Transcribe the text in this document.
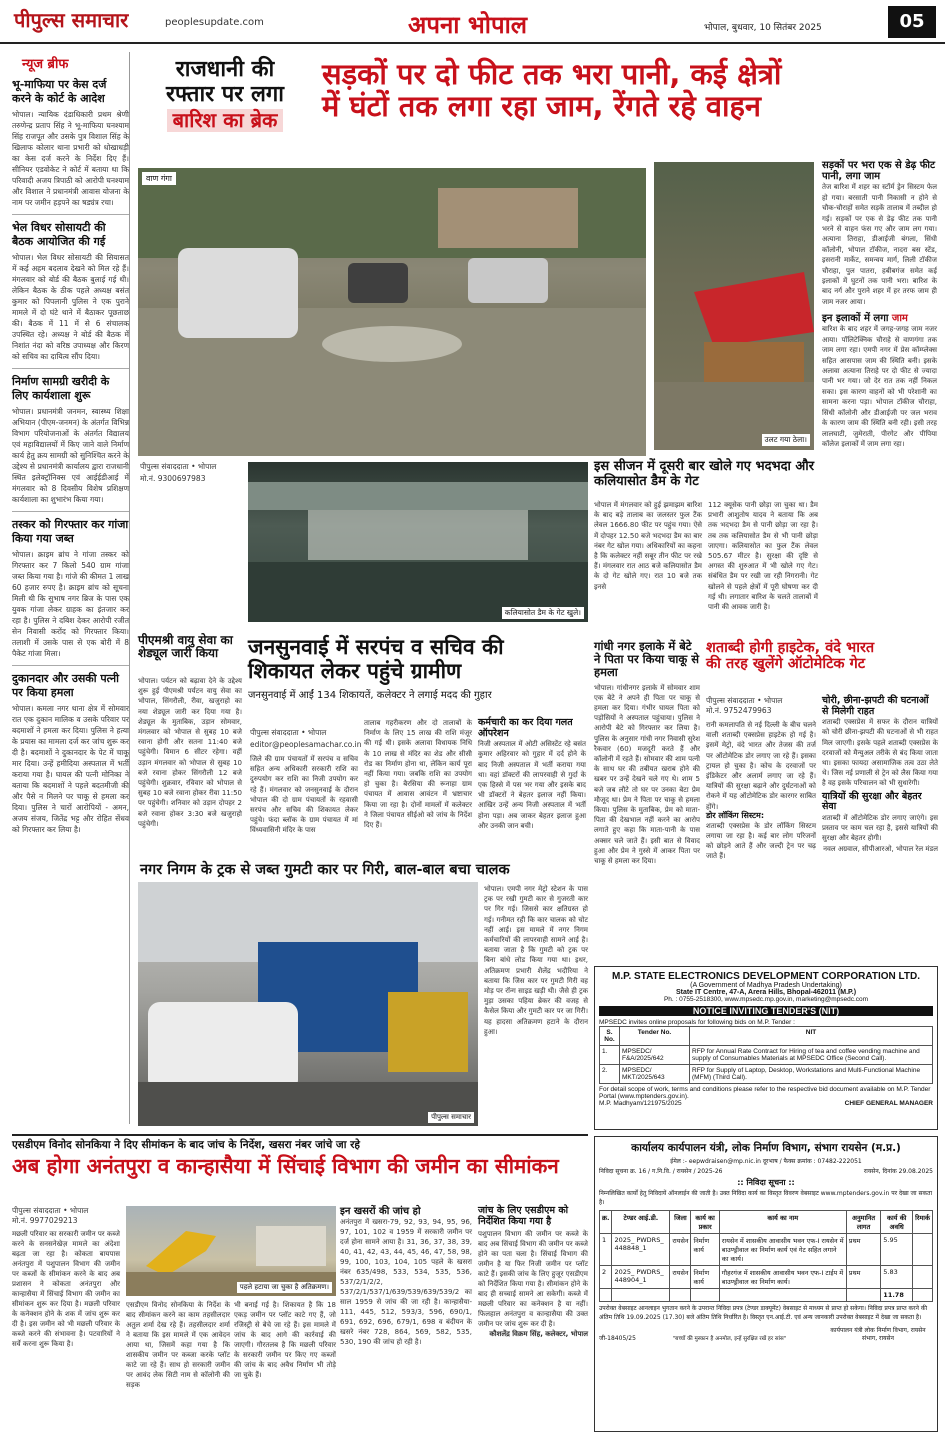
पीपुल्स समाचार	peoplesupdate.com	अपना भोपाल	भोपाल, बुधवार, 10 सितंबर 2025	05
न्यूज ब्रीफ
भू-माफिया पर केस दर्ज करने के कोर्ट के आदेश
भोपाल। न्यायिक दंडाधिकारी प्रथम श्रेणी तरुणेन्द्र प्रताप सिंह ने भू-माफिया घनश्याम सिंह राजपूत और उसके पुत्र विशाल सिंह के खिलाफ कोलार थाना प्रभारी को धोखाधड़ी का केस दर्ज करने के निर्देश दिए हैं। सीनियर एडवोकेट ने कोर्ट में बताया था कि परिवादी अजय त्रिपाठी को आरोपी घनश्याम और विशाल ने प्रधानमंत्री आवास योजना के नाम पर जमीन हड़पने का षड्यंत्र रचा।
भेल विधर सोसायटी की बैठक आयोजित की गई
भोपाल। भेल विधर सोसायटी की सियासत में कई अहम बदलाव देखने को मिल रहे हैं। मंगलवार को बोर्ड की बैठक बुलाई गई थी। लेकिन बैठक के ठीक पहले अध्यक्ष बसंत कुमार को पिपलानी पुलिस ने एक पुराने मामले में दो घंटे थाने में बैठाकर पूछताछ की। बैठक में 11 में से 6 संचालक उपस्थित रहे। अध्यक्ष ने बोर्ड की बैठक में निशांत नंदा को वरिष्ठ उपाध्यक्ष और किरण को सचिव का दायित्व सौंप दिया।
निर्माण सामग्री खरीदी के लिए कार्यशाला शुरू
भोपाल। प्रधानमंत्री जनमन, स्वास्थ्य शिक्षा अभियान (पीएम-जनमन) के अंतर्गत विभिन्न विभाग परियोजनाओं के अंतर्गत विद्यालय एवं महाविद्यालयों में किए जाने वाले निर्माण कार्य हेतु क्रय सामग्री को सुनिश्चित करने के उद्देश्य से प्रधानमंत्री कार्यालय द्वारा राजधानी स्थित इलेक्ट्रॉनिक्स एवं आईईडीआई में मंगलवार को 8 दिवसीय विशेष प्रशिक्षण कार्यशाला का शुभारंभ किया गया।
तस्कर को गिरफ्तार कर गांजा किया गया जब्त
भोपाल। क्राइम ब्रांच ने गांजा तस्कर को गिरफ्तार कर 7 किलो 540 ग्राम गांजा जब्त किया गया है। गांजे की कीमत 1 लाख 60 हजार रुपए है। क्राइम ब्रांच को सूचना मिली थी कि सुभाष नगर ब्रिज के पास एक युवक गांजा लेकर ग्राहक का इंतजार कर रहा है। पुलिस ने दबिश देकर आरोपी रजीत सेन निवासी करोंद को गिरफ्तार किया। तलाशी में उसके पास से एक बोरी में 8 पैकेट गांजा मिला।
दुकानदार और उसकी पत्नी पर किया हमला
भोपाल। कमला नगर थाना क्षेत्र में सोमवार रात एक दुकान मालिक व उसके परिवार पर बदमाशों ने हमला कर दिया। पुलिस ने हत्या के प्रयास का मामला दर्ज कर जांच शुरू कर दी है। बदमाशों ने दुकानदार के पेट में चाकू मार दिया। उन्हें हमीदिया अस्पताल में भर्ती कराया गया है। घायल की पत्नी मोनिका ने बताया कि बदमाशों ने पहले बदतमीजी की और पैसे न मिलने पर चाकू से हमला कर दिया। पुलिस ने चारों आरोपियों - अमन, अजय संजय, जितेंद्र भट्ट और रोहित सेंधव को गिरफ्तार कर लिया है।
राजधानी की
रफ्तार पर लगा
बारिश का ब्रेक
सड़कों पर दो फीट तक भरा पानी, कई क्षेत्रों
में घंटों तक लगा रहा जाम, रेंगते रहे वाहन
वाण गंगा
पीपुल्स संवाददाता • भोपाल
मो.नं. 9300697983
उलट गया ठेला।
सड़कों पर भरा एक से डेढ़ फीट पानी, लगा जाम
तेज बारिश में शहर का स्टॉर्म ड्रेन सिस्टम फेल हो गया। बरसाती पानी निकासी न होने से चौक-चौराहों समेत सड़कें तालाब में तब्दील हो गई। सड़कों पर एक से डेढ़ फीट तक पानी भरने से वाहन फंस गए और जाम लग गया। अत्याना तिराहा, डीआईजी बंगला, सिंधी कॉलोनी, भोपाल टॉकीज, नादरा बस स्टेंड, इसरानी मार्केट, समन्वय मार्ग, लिली टॉकीज चौराहा, पुल पातरा, हबीबगंज समेत कई इलाकों में घुटनों तक पानी भरा। बारिश के बाद नर्ग और पुराने शहर में हर तरफ जाम ही जाम नजर आया।
इन इलाकों में लगा जाम
बारिश के बाद शहर में जगह-जगह जाम नजर आया। पॉलिटेक्निक चौराहे से वाणगंगा तक जाम लगा रहा। एमपी नगर में प्रेस कॉम्प्लेक्स सहित आसपास जाम की स्थिति बनी। इसके अलावा अत्याना तिराहे पर दो फीट से ज्यादा पानी भर गया। जो देर रात तक नहीं निकल सका। इस कारण वाहनों को भी परेशानी का सामना करना पड़ा। भोपाल टॉकीज चौराहा, सिंधी कॉलोनी और डीआईजी पर जल भराव के कारण जाम की स्थिति बनी रही। इसी तरह लालघाटी, जुमेराती, पीरगेट और पीपिया कॉलेज इलाकों में जाम लगा रहा।
कलियासोत डैम के गेट खुले।
इस सीजन में दूसरी बार खोले गए भदभदा और कलियासोत डैम के गेट
भोपाल में मंगलवार को हुई झमाझम बारिश के बाद बड़े तालाब का जलस्तर फुल टैंक लेवल 1666.80 फीट पर पहुंच गया। ऐसे में दोपहर 12.50 बजे भदभदा डैम का बार नंबर गेट खोल गया। अधिकारियों का कहना है कि कलेक्टर नहीं सबूर तीन फीट पर रखे हैं। मंगलवार रात आठ बजे कलियासोत डैम के दो गेट खोले गए। रात 10 बजे तक इनसे
112 क्यूसेक पानी छोड़ा जा चुका था। डैम प्रभारी आशुतोष यादव ने बताया कि अब तक भदभदा डैम से पानी छोड़ा जा रहा है। तब तक कलियासोत डैम से भी पानी छोड़ा जाएगा। कलियासोत का फुल टैंक लेवल 505.67 मीटर है। सुरक्षा की दृष्टि से अगस्त की शुरुआत में भी खोले गए गेट। संबंधित डैम पर रखी जा रही निगरानी। गेट खोलने से पहले क्षेत्रों में पूरी घोषणा कर दी गई थी। लगातार बारिश के चलते तालाबों में पानी की आवक जारी है।
पीएमश्री वायु सेवा का शेड्यूल जारी किया
भोपाल। पर्यटन को बढ़ावा देने के उद्देश्य शुरू हुई पीएमश्री पर्यटन वायु सेवा का भोपाल, सिंगरौली, रीवा, खजुराहो का नया शेड्यूल जारी कर दिया गया है। शेड्यूल के मुताबिक, उड़ान सोमवार, मंगलवार को भोपाल से सुबह 10 बजे रवाना होगी और सतना 11:40 बजे पहुंचेगी। विमान 6 सीटर रहेगा। वहीं उड़ान मंगलवार को भोपाल से सुबह 10 बजे रवाना होकर सिंगरौली 12 बजे पहुंचेगी। शुक्रवार, रविवार को भोपाल से सुबह 10 बजे रवाना होकर रीवा 11:50 पर पहुंचेगी। शनिवार को उड़ान दोपहर 2 बजे रवाना होकर 3:30 बजे खजुराहो पहुंचेगी।
जनसुनवाई में सरपंच व सचिव की
शिकायत लेकर पहुंचे ग्रामीण
जनसुनवाई में आईं 134 शिकायतें, कलेक्टर ने लगाई मदद की गुहार
पीपुल्स संवाददाता • भोपाल
editor@peoplesamachar.co.in
जिले की ग्राम पंचायतों में सरपंच व सचिव सहित अन्य अधिकारी सरकारी राशि का दुरुपयोग कर राशि का निजी उपयोग कर रहे हैं। मंगलवार को जनसुनवाई के दौरान भोपाल की दो ग्राम पंचायतों के रहवासी सरपंच और सचिव की शिकायत लेकर पहुंचे। फंदा ब्लॉक के ग्राम पंचायत में मां विंध्यवासिनी मंदिर के पास
तालाब गहरीकरण और दो तालाबों के निर्माण के लिए 15 लाख की राशि मंजूर की गई थी। इसके अलावा विधायक निधि के 10 लाख से मंदिर का शेड और सीसी रोड का निर्माण होना था, लेकिन कार्य पूरा नहीं किया गया। जबकि राशि का उपयोग हो चुका है। बैरसिया की रूनाहा ग्राम पंचायत में आवास आवंटन में भ्रष्टाचार किया जा रहा है। दोनों मामलों में कलेक्टर ने जिला पंचायत सीईओ को जांच के निर्देश दिए हैं।
कर्मचारी का कर दिया गलत ऑपरेशन
निजी अस्पताल में ओटी असिस्टेंट रहे बसंत कुमार अहिरवार को गुहार में दर्द होने के बाद निजी अस्पताल में भर्ती कराया गया था। वहां डॉक्टरों की लापरवाही से गुर्दा के एक हिस्से में पस भर गया और इसके बाद भी डॉक्टरों ने बेहतर इलाज नहीं किया। आखिर उन्हें अन्य निजी अस्पताल में भर्ती होना पड़ा। अब जाकर बेहतर इलाज हुआ और उनकी जान बची।
गांधी नगर इलाके में बेटे ने पिता पर किया चाकू से हमला
भोपाल। गांधीनगर इलाके में सोमवार शाम एक बेटे ने अपने ही पिता पर चाकू से हमला कर दिया। गंभीर घायल पिता को पड़ोसियों ने अस्पताल पहुंचाया। पुलिस ने आरोपी बेटे को गिरफ्तार कर लिया है। पुलिस के अनुसार गांधी नगर निवासी सुरेश रैकवार (60) मजदूरी करते हैं और कॉलोनी में रहते हैं। सोमवार की शाम पत्नी के साथ घर की तबीयत खराब होने की खबर पर उन्हें देखने चले गए थे। शाम 5 बजे जब लौटे तो घर पर उनका बेटा प्रेम मौजूद था। प्रेम ने पिता पर चाकू से हमला किया। पुलिस के मुताबिक, प्रेम को माता-पिता की देखभाल नहीं करने का आरोप लगाते हुए कहा कि माता-पानी के पास अक्सर चले जाते हैं। इसी बात से विवाद हुआ और प्रेम ने गुस्से में आकर पिता पर चाकू से हमला कर दिया।
शताब्दी होगी हाइटेक, वंदे भारत
की तरह खुलेंगे ऑटोमेटिक गेट
पीपुल्स संवाददाता • भोपाल
मो.नं. 9752479963
रानी कमलापति से नई दिल्ली के बीच चलने वाली शताब्दी एक्सप्रेस हाइटेक हो गई है। इसमें मेट्रो, वंदे भारत और तेजस की तर्ज पर ऑटोमेटिक डोर लगाए जा रहे हैं। इसका ट्रायल हो चुका है। कोच के दरवाजों पर इंडिकेटर और अलार्म लगाए जा रहे हैं। यात्रियों की सुरक्षा बढ़ाने और दुर्घटनाओं को रोकने में यह ऑटोमेटिक डोर कारगर साबित होंगे।
डोर लॉकिंग सिस्टम:
शताब्दी एक्सप्रेस के डोर लॉकिंग सिस्टम लगाया जा रहा है। कई बार लोग परिजनों को छोड़ने आते हैं और जल्दी ट्रेन पर चढ़ जाते हैं।
चोरी, छीना-झपटी की घटनाओं से मिलेगी राहत
शताब्दी एक्सप्रेस में सफर के दौरान यात्रियों को चोरी छीना-झपटी की घटनाओं से भी राहत मिल जाएगी। इसके पहले शताब्दी एक्सप्रेस के दरवाजों को मैन्युअल तरीके से बंद किया जाता था। इसका फायदा असामाजिक तत्व उठा लेते थे। जिस नई प्रणाली से ट्रेन को लैस किया गया है वह इसके परिचालन को भी सुधारेगी।
यात्रियों की सुरक्षा और बेहतर सेवा
शताब्दी में ऑटोमेटिक डोर लगाए जाएंगे। इस प्रस्ताव पर काम चल रहा है, इससे यात्रियों की सुरक्षा और बेहतर होगी।
नवल अग्रवाल, सीपीआरओ, भोपाल रेल मंडल
नगर निगम के ट्रक से जब्त गुमटी कार पर गिरी, बाल-बाल बचा चालक
पीपुल्स समाचार
भोपाल। एमपी नगर मेट्रो स्टेशन के पास ट्रक पर रखी गुमटी कार से गुजरती कार पर गिर गई। जिससे कार क्षतिग्रस्त हो गई। गनीमत रही कि कार चालक को चोट नहीं आई। इस मामले में नगर निगम कर्मचारियों की लापरवाही सामने आई है। बताया जाता है कि गुमटी को ट्रक पर बिना बांधे लोड किया गया था। इधर, अतिक्रमण प्रभारी शैलेंद्र भदौरिया ने बताया कि जिस कार पर गुमटी गिरी वह मोड़ पर रॉन्ग साइड खड़ी थी। जैसे ही ट्रक मुड़ा उसका पहिया ब्रेकर की वजह से कैसेल किया और गुमटी कार पर जा गिरी। यह हादसा अतिक्रमण हटाने के दौरान हुआ।
M.P. STATE ELECTRONICS DEVELOPMENT CORPORATION LTD.
(A Government of Madhya Pradesh Undertaking)
State IT Centre, 47-A, Arera Hills, Bhopal-462011 (M.P.)
Ph. : 0755-2518300, www.mpsedc.mp.gov.in, marketing@mpsedc.com
NOTICE INVITING TENDER'S (NIT)
MPSEDC invites online proposals for following bids on M.P. Tender :
S. No.	Tender No.	NIT
1.	MPSEDC/ F&A/2025/642	RFP for Annual Rate Contract for Hiring of tea and coffee vending machine and supply of Consumables Materials at MPSEDC Office (Second Call).
2.	MPSEDC/ MKT/2025/643	RFP for Supply of Laptop, Desktop, Workstations and Multi-Functional Machine (MFM) (Third Call).
For detail scope of work, terms and conditions please refer to the respective bid document available on M.P. Tender Portal (www.mptenders.gov.in).
M.P. Madhyam/121975/2025	CHIEF GENERAL MANAGER
एसडीएम विनोद सोनकिया ने दिए सीमांकन के बाद जांच के निर्देश, खसरा नंबर जांचे जा रहे
अब होगा अनंतपुरा व कान्हासैया में सिंचाई विभाग की जमीन का सीमांकन
पीपुल्स संवाददाता • भोपाल
मो.नं. 9977029213
मछली परिवार का सरकारी जमीन पर कब्जे करने के सनसनेखेज़ मामले का अंदेशा बढ़ता जा रहा है। कोकता बायपास अनंतपुरा में पशुपालन विभाग की जमीन पर कब्जों के सीमांकन करने के बाद अब प्रशासन ने कोकता अनंतपुरा और कान्हासैया में सिंचाई विभाग की जमीन का सीमांकन शुरू कर दिया है। मछली परिवार के कनेक्शन होने के शक में जांच शुरू कर दी है। इस जमीन को भी मछली परिवार के कब्जे करने की संभावना है। पटवारियों ने सर्वे करना शुरू किया है।
पहले हटाया जा चुका है अतिक्रमण।
एसडीएम विनोद सोनकिया के निर्देश के बाद सीमांकन करने का काम तहसीलदार अतुल शर्मा देख रहे हैं। तहसीलदार शर्मा ने बताया कि इस मामले में एक आवेदन आया था, जिसमें कहा गया है कि शासकीय जमीन पर कब्जा करके प्लॉट काटे जा रहे हैं। साथ हो सरकारी जमीन पर आवंद लेक सिटी नाम से कॉलोनी की सड़क
भी बनाई गई है। शिकायत है कि 18 एकड़ जमीन पर प्लॉट काटे गए हैं, जो रजिस्ट्री से बेचे जा रहे हैं। इस मामले में जांच के बाद आगे की कार्रवाई की जाएगी। गौरतलब है कि मछली परिवार के सरकारी जमीन पर किए गए कब्जों की जांच के बाद अवैध निर्माण भी तोड़े जा चुके हैं।
इन खसरों की जांच हो
अनंतपुरा में खसरा-79, 92, 93, 94, 95, 96, 97, 101, 102 व 1959 में सरकारी जमीन पर दर्ज होना सामने आया है। 31, 36, 37, 38, 39, 40, 41, 42, 43, 44, 45, 46, 47, 58, 98, 99, 100, 103, 104, 105 पहले के खसरा नंबर 635/498, 533, 534, 535, 536, 537/2/1/2/2, 537/2/1/537/1/639/539/639/539/2 का साल 1959 से जांच की जा रही है। कान्हासैया- 111, 445, 512, 593/3, 596, 690/1, 691, 692, 696, 679/1, 698 व बंदीयन के खसरे नंबर 728, 864, 569, 582, 535, 530, 190 की जांच हो रही है।
जांच के लिए एसडीएम को निर्देशित किया गया है
पशुपालन विभाग की जमीन पर कब्जे के बाद अब सिंचाई विभाग की जमीन पर कब्जे होने का पता चला है। सिंचाई विभाग की जमीन है या फिर निजी जमीन पर प्लॉट काटे हैं। इसकी जांच के लिए हुजूर एसडीएम को निर्देशित किया गया है। सीमांकन होने के बाद ही सच्चाई सामने आ सकेगी। कब्जे में मछली परिवार का कनेक्शन है या नहीं। फिलहाल अनंतपुरा व कान्हासैया की उक्त जमीन पर जांच शुरू कर दी है।
कौशलेंद्र विक्रम सिंह, कलेक्टर, भोपाल
कार्यालय कार्यपालन यंत्री, लोक निर्माण विभाग, संभाग रायसेन (म.प्र.)
ईमेल :- eepwdraisen@mp.nic.in दूरभाष / फैक्स क्रमांक : 07482-222051
निविदा सूचना क्र. 16 / ग.नि.वि. / रायसेन / 2025-26	रायसेन, दिनांक 29.08.2025
:: निविदा सूचना ::
निम्नलिखित कार्यों हेतु निविदायें ऑनलाईन की जाती है। उक्त निविदा कार्य का विस्तृत विवरण वेबसाइट www.mptenders.gov.in पर देखा जा सकता है।
क्र.	टेण्डर आई.डी.	जिला	कार्य का प्रकार	कार्य का नाम	अनुमानित लागत	कार्य की अवधि	रिमार्क
1	2025_ PWDRS_ 448848_1	रायसेन	निर्माण कार्य	रायसेन में शासकीय आवासीय भवन एफ-I रायसेन में बाउण्ड्रीवाल का निर्माण कार्य एवं गेट सहित लगाने का कार्य।	प्रथम	5.95	
2	2025_ PWDRS_ 448904_1	रायसेन	निर्माण कार्य	गौहरगंज में शासकीय आवासीय भवन एफ-I टाईप में बाउण्ड्रीवाल का निर्माण कार्य।	प्रथम	5.83	
						11.78	
उपरोक्त वेबसाइट आनलाइन भुगतान करने के उपरान्त निविदा प्रपत्र (टेण्डर डाक्यूमेंट) वेबसाइट से माध्यम से प्राप्त हो सकेगा। निविदा प्रपत्र प्राप्त करने की अंतिम तिथि 19.09.2025 (17.30) बजे अंतिम तिथि निर्धारित है। विस्तृत एन.आई.टी. एवं अन्य जानकारी उपरोक्त वेबसाइट में देखा जा सकता है।
जी-18405/25	"बच्चों की मुस्कान है अनमोल, इन्हें सुरक्षित रखें हर सांस"
कार्यपालन यंत्री लोक निर्माण विभाग, रायसेन संभाग, रायसेन
